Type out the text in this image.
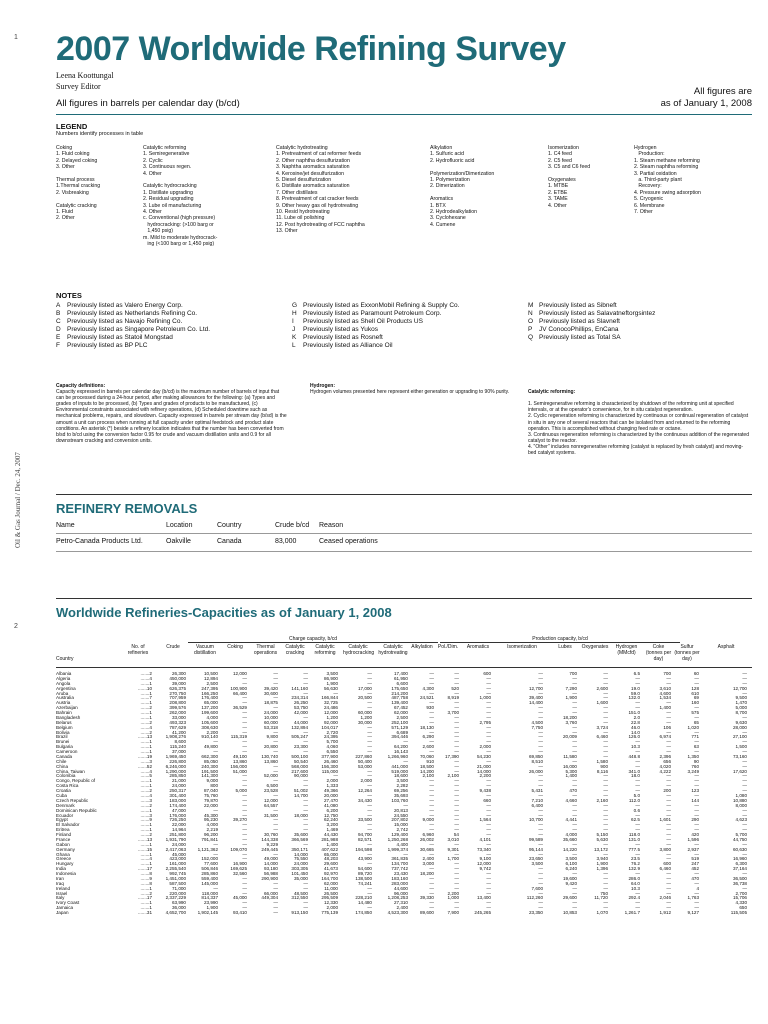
1
Oil & Gas Journal / Dec. 24, 2007
2
2007 Worldwide Refining Survey
Leena Koottungal
Survey Editor
All figures in barrels per calendar day (b/cd)
All figures are
as of January 1, 2008
LEGEND
Numbers identify processes in table
Coking
1. Fluid coking
2. Delayed coking
3. Other

Thermal process
1.Thermal cracking
2. Visbreaking

Catalytic cracking
1. Fluid
2. Other
Catalytic reforming
1. Semiregenerative
2. Cyclic
3. Continuous regen.
4. Other

Catalytic hydrocracking
1. Distillate upgrading
2. Residual upgrading
3. Lube oil manufacturing
4. Other
c. Conventional (high pressure)
hydrocracking: (>100 barg or
1,450 psig)
m. Mild to moderate hydrocrack-
ing (<100 barg or 1,450 psig)
Catalytic hydrotreating
1. Pretreatment of cat reformer feeds
2. Other naphtha desulfurization
3. Naphtha aromatics saturation
4. Kerosine/jet desulfurization
5. Diesel desulfurization
6. Distillate aromatics saturation
7. Other distillates
8. Pretreatment of cat cracker feeds
9. Other heavy gas oil hydrotreating
10. Resid hydrotreating
11. Lube oil polishing
12. Post hydrotreating of FCC naphtha
13. Other
Alkylation
1. Sulfuric acid
2. Hydrofluoric acid

Polymerization/Dimerization
1. Polymerization
2. Dimerization

Aromatics
1. BTX
2. Hydrodealkylation
3. Cyclohexane
4. Cumene
Isomerization
1. C4 feed
2. C5 feed
3. C5 and C6 feed

Oxygenates
1. MTBE
2. ETBE
3. TAME
4. Other
Hydrogen
Production:
1. Steam methane reforming
2. Steam naphtha reforming
3. Partial oxidation
a. Third-party plant
Recovery:
4. Pressure swing adsorption
5. Cryogenic
6. Membrane
7. Other
NOTES
A Previously listed as Valero Energy Corp.
B Previously listed as Netherlands Refining Co.
C Previously listed as Navajo Refining Co.
D Previously listed as Singapore Petroleum Co. Ltd.
E Previously listed as Statoil Mongstad
F Previously listed as BP PLC
G Previously listed as ExxonMobil Refining & Supply Co.
H Previously listed as Paramount Petroleum Corp.
I Previously listed as Shell Oil Products US
J Previously listed as Yukos
K Previously listed as Rosneft
L Previously listed as Alliance Oil
M Previously listed as Sibneft
N Previously listed as Salavatneftorgsintez
O Previously listed as Slavneft
P JV ConocoPhillips, EnCana
Q Previously listed as Total SA
Capacity definitions:
Capacity expressed in barrels per calendar day (b/cd) is the maximum number of barrels of input that can be processed during a 24-hour period, after making allowances for the following: (a) Types and grades of inputs to be processed, (b) Types and grades of products to be manufactured, (c) Environmental constraints associated with refinery operations, (d) Scheduled downtime such as mechanical problems, repairs, and slowdown. Capacity expressed in barrels per stream day (b/sd) is the amount a unit can process when running at full capacity under optimal feedstock and product slate conditions. An asterisk (*) beside a refinery location indicates that the number has been converted from b/sd to b/cd using the conversion factor 0.95 for crude and vacuum distillation units and 0.9 for all downstream cracking and conversion units.
Hydrogen:
Hydrogen volumes presented here represent either generation or upgrading to 90% purity.	Catalytic reforming:

1. Semiregenerative reforming is characterized by shutdown of the reforming unit at specified intervals, or at the operator's convenience, for in situ catalyst regeneration.
2. Cyclic regeneration reforming is characterized by continuous or continual regeneration of catalyst in situ in any one of several reactors that can be isolated from and returned to the reforming operation. This is accomplished without changing feed rate or octane.
3. Continuous regeneration reforming is characterized by the continuous addition of the regenerated catalyst to the reactor.
4. "Other" includes nonregenerative reforming (catalyst is replaced by fresh catalyst) and moving-bed catalyst systems.

REFINERY REMOVALS
Name	Location	Country	Crude b/cd Reason
Petro-Canada Products Ltd.	Oakville	Canada	83,000	Ceased operations
Worldwide Refineries-Capacities as of January 1, 2008
Charge capacity, b/cd	Production capacity, b/cd
Country
No. of refineries
Crude	Vacuum distillation
Coking	Thermal operations
Catalytic cracking
Catalytic reforming
Catalytic hydrocracking
Catalytic hydrotreating
Alkylation	Pol./Dim.	Aromatics	Isomerization	Lubes	Oxygenates	Hydrogen (MMcfd)
Coke (tonnes per day)
Sulfur (tonnes per day)
Asphalt
Albania	.......2	26,300	10,500	12,000	—	—	3,500	—	17,400	—	—	600	—	700	—	6.5	700	60	—
Algeria	.......4	450,000	12,894	—	—	—	86,900	—	61,950	—	—	—	—	—	—	—	—	—	—
Angola	.......1	39,000	2,500	—	—	—	1,900	—	6,600	—	—	—	—	—	—	—	—	—	—
Argentina	.......10	626,375	247,395	100,900	39,420	141,160	56,630	17,000	175,650	4,300	520	—	12,700	7,290	2,600	19.0	3,610	128	12,700
Aruba	.......1	270,750	166,250	66,400	30,600	—	—	—	214,200	—	—	—	—	—	—	59.0	4,600	610	—
Australia	.......7	707,959	176,400	—	—	234,314	166,844	20,500	487,758	24,521	8,919	1,000	39,400	1,900	—	132.0	1,534	69	9,500
Austria	.......1	208,800	65,000	—	18,875	26,250	32,725	—	139,400	—	—	—	14,400	—	1,600	—	—	160	1,470
Azerbaijan	.......2	399,576	137,200	36,529	—	53,750	24,486	—	67,452	930	—	—	—	—	—	—	1,400	—	5,000
Bahrain	.......1	262,000	199,600	—	24,000	42,000	12,000	60,000	62,000	—	3,700	—	—	—	—	151.0	—	575	8,700
Bangladesh	.......1	33,000	4,000	—	10,000	—	1,200	1,200	2,500	—	—	—	—	18,200	—	2.0	—	—	—
Belarus	.......2	493,323	105,600	—	60,000	44,000	92,000	30,000	252,100	—	—	2,795	4,500	3,760	—	22.8	—	65	9,630
Belgium	.......4	787,629	308,630	—	53,318	132,894	104,017	—	571,129	18,130	—	—	7,750	—	3,724	46.0	106	1,020	28,000
Bolivia	.......2	41,200	2,200	—	—	—	2,720	—	6,689	—	—	—	—	—	—	14.0	—	—	—
Brazil	.......13	1,908,276	910,140	115,319	9,800	505,247	24,395	—	394,446	6,290	—	—	—	20,009	6,460	126.0	6,974	771	27,100
Brunei	.......1	8,600	—	—	—	—	5,700	—	—	—	—	—	—	—	—	—	—	—	—
Bulgaria	.......1	115,240	49,800	—	20,800	23,300	4,060	—	64,200	2,600	—	2,000	—	—	—	10.3	—	63	1,500
Cameroon	.......1	37,000	—	—	—	—	6,550	—	16,143	—	—	—	—	—	—	—	—	—	—
Canada	.......19	1,969,450	662,300	49,100	130,740	500,100	377,900	227,860	1,266,960	70,060	17,390	54,230	69,850	11,580	—	448.8	2,396	1,350	73,160
Chile	.......3	226,800	85,050	13,860	13,860	50,540	26,460	50,400	—	910	—	—	8,510	—	1,580	—	656	90	—
China	.......52	6,246,000	240,300	156,000	—	568,000	156,300	53,000	441,000	18,500	—	21,000	—	16,000	900	—	4,020	760	—
China, Taiwan	.......4	1,290,000	191,500	51,000	—	217,600	115,000	—	519,000	14,200	—	14,000	26,000	5,300	8,116	341.0	4,222	3,249	17,620
Colombia	.......5	285,850	141,300	—	52,000	90,000	—	—	18,600	2,100	2,100	2,200	—	1,400	—	18.0	—	—	—
Congo, Republic of	.......1	21,000	9,000	—	—	—	2,000	2,000	3,500	—	—	—	—	—	—	—	—	—	—
Costa Rica	.......1	24,000	800	—	6,500	—	1,333	—	2,282	—	—	—	—	—	—	—	—	—	—
Croatia	.......2	250,317	87,040	5,000	23,528	51,002	49,366	12,264	69,256	—	—	9,438	5,431	470	—	—	200	123	—
Cuba	.......4	301,400	75,760	—	—	14,700	20,000	—	35,693	—	—	—	—	—	—	5.0	—	—	1,080
Czech Republic	.......3	183,000	79,870	—	12,000	—	27,470	34,430	103,760	—	—	660	7,210	4,660	2,160	112.0	—	144	10,880
Denmark	.......2	174,400	22,000	—	64,557	—	41,080	—	—	—	—	—	6,400	—	—	—	—	—	8,000
Dominican Republic	.......1	47,000	—	—	—	—	6,200	—	20,813	—	—	—	—	—	—	0.6	—	—	—
Ecuador	.......3	176,000	45,300	—	31,500	18,000	12,750	—	24,550	—	—	—	—	—	—	—	—	—	—
Egypt	.......9	726,250	95,230	39,270	—	—	62,240	33,500	207,802	9,000	—	1,564	10,700	4,441	—	62.5	1,601	290	4,623
El Salvador	.......1	22,000	4,000	—	—	—	3,200	—	15,000	—	—	—	—	—	—	—	—	—	—
Eritrea	.......1	14,964	2,219	—	—	—	1,469	—	2,742	—	—	—	—	—	—	—	—	—	—
Finland	.......2	251,800	96,200	—	30,760	35,600	44,430	94,700	129,400	6,960	54	—	—	4,000	5,150	118.0	—	420	5,700
France	.......13	1,931,790	791,841	—	144,338	366,569	281,988	82,571	1,250,268	26,002	3,010	4,101	99,589	35,660	5,630	131.0	—	1,596	44,750
Gabon	.......1	24,000	—	—	9,229	—	1,400	—	4,400	—	—	—	—	—	—	—	—	—	—
Germany	.......15	2,417,063	1,121,362	109,070	249,445	350,171	407,622	194,598	1,999,374	30,665	9,301	73,340	95,144	14,220	13,172	777.5	3,800	2,937	60,630
Ghana	.......1	45,000	—	—	—	14,000	65,000	—	—	—	—	—	—	—	—	—	—	—	—
Greece	.......4	423,000	152,000	—	49,000	75,550	48,203	43,900	361,835	2,400	1,700	9,100	23,650	3,500	3,940	23.5	—	519	16,960
Hungary	.......1	161,000	77,600	16,900	14,000	24,000	29,600	—	134,700	3,000	—	12,000	3,500	6,100	1,900	76.2	600	247	6,300
India	.......17	2,255,540	506,846	169,625	93,180	303,305	41,673	54,600	737,742	—	—	9,742	—	6,240	1,396	132.9	6,460	452	37,164
Indonesia	.......8	992,745	285,860	32,560	56,988	101,450	92,970	89,720	23,430	18,200	—	—	—	—	—	—	—	—	—
Iran	.......9	1,451,000	559,400	—	290,900	35,000	164,700	138,500	183,160	—	—	—	—	19,600	—	286.0	—	470	36,500
Iraq	.......8	587,500	145,000	—	—	—	62,000	74,241	283,000	—	—	—	—	9,420	—	64.0	—	—	36,738
Ireland	.......1	71,000	—	—	—	—	11,000	—	44,600	—	—	—	7,600	—	—	10.3	—	4	—
Israel	.......2	220,000	118,000	—	66,000	48,500	26,500	—	96,000	—	2,200	—	—	—	750	—	—	—	2,700
Italy	.......17	2,337,229	814,337	45,000	449,304	312,550	295,509	228,210	1,208,253	39,330	1,000	13,400	112,260	29,600	11,720	292.4	2,046	1,763	15,706
Ivory Coast	.......1	63,990	23,990	—	—	—	12,330	14,480	27,310	—	—	—	—	—	—	—	—	—	4,330
Jamaica	.......1	36,000	1,900	—	—	—	2,000	—	2,400	—	—	—	—	—	—	—	—	—	650
Japan	.......31	4,652,700	1,902,145	93,410	—	913,150	775,139	174,850	4,523,300	89,600	7,900	245,265	23,350	10,853	1,070	1,261.7	1,912	9,127	115,505
